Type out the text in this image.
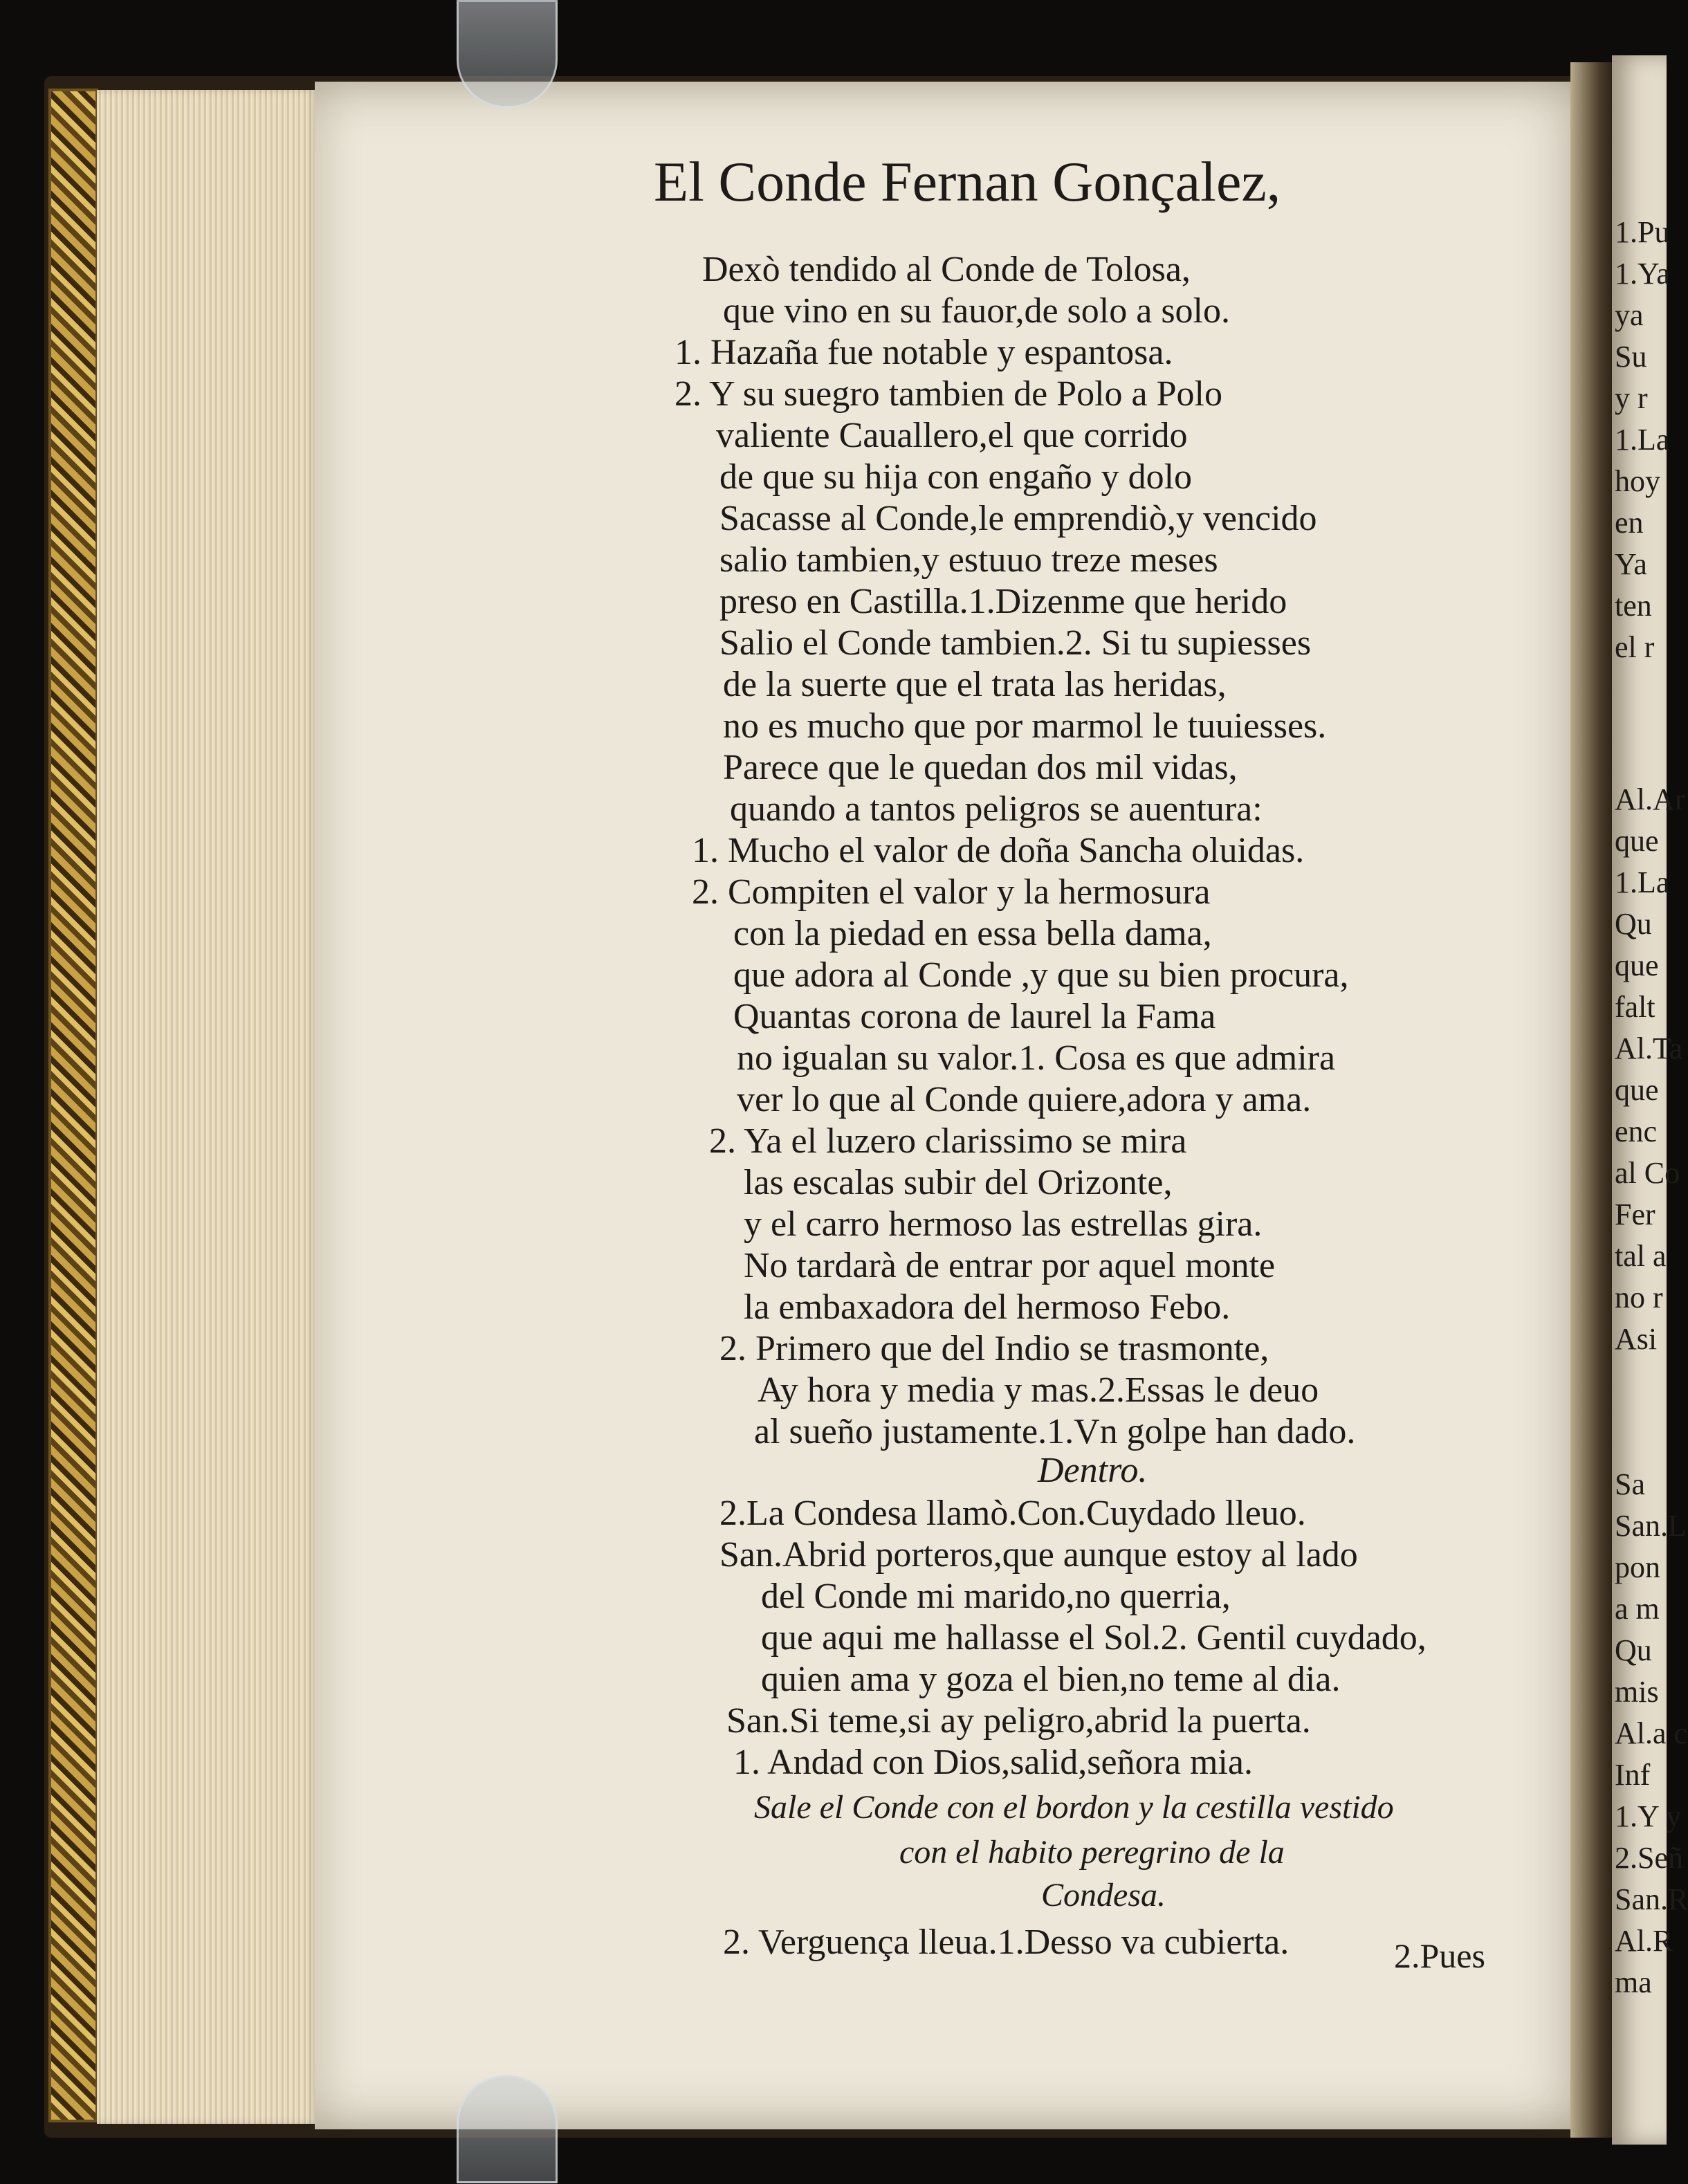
El Conde Fernan Gonçalez,
Dexò tendido al Conde de Tolosa,
que vino en su fauor,de solo a solo.
1. Hazaña fue notable y espantosa.
2. Y su suegro tambien de Polo a Polo
valiente Cauallero,el que corrido
de que su hija con engaño y dolo
Sacasse al Conde,le emprendiò,y vencido
salio tambien,y estuuo treze meses
preso en Castilla.1.Dizenme que herido
Salio el Conde tambien.2. Si tu supiesses
de la suerte que el trata las heridas,
no es mucho que por marmol le tuuiesses.
Parece que le quedan dos mil vidas,
quando a tantos peligros se auentura:
1. Mucho el valor de doña Sancha oluidas.
2. Compiten el valor y la hermosura
con la piedad en essa bella dama,
que adora al Conde ,y que su bien procura,
Quantas corona de laurel la Fama
no igualan su valor.1. Cosa es que admira
ver lo que al Conde quiere,adora y ama.
2. Ya el luzero clarissimo se mira
las escalas subir del Orizonte,
y el carro hermoso las estrellas gira.
No tardarà de entrar por aquel monte
la embaxadora del hermoso Febo.
2. Primero que del Indio se trasmonte,
Ay hora y media y mas.2.Essas le deuo
al sueño justamente.1.Vn golpe han dado.
Dentro.
2.La Condesa llamò.Con.Cuydado lleuo.
San.Abrid porteros,que aunque estoy al lado
del Conde mi marido,no querria,
que aqui me hallasse el Sol.2. Gentil cuydado,
quien ama y goza el bien,no teme al dia.
San.Si teme,si ay peligro,abrid la puerta.
1. Andad con Dios,salid,señora mia.
Sale el Conde con el bordon y la cestilla vestido
con el habito peregrino de la
Condesa.
2. Verguença lleua.1.Desso va cubierta.	2.Pues
1.Pu
1.Ya
ya
Su
y r
1.La
hoy
en
Ya
ten
el r
Al.Ar
que
1.La
Qu
que
falt
Al.Ta
que
enc
al Co
Fer
tal a
no r
Asi
Sa
San.L
pon
a m
Qu
mis
Al.a c
Inf
1.Y y
2.Señ
San.R
Al.R
ma
